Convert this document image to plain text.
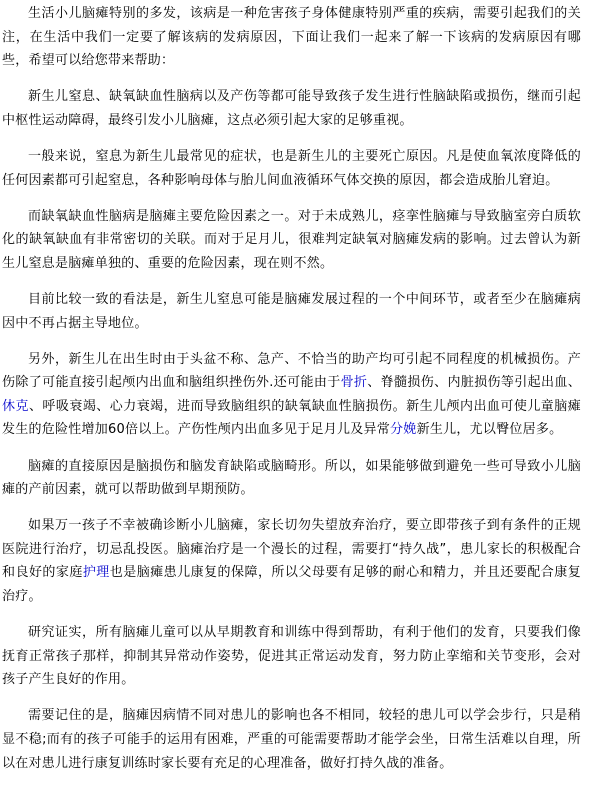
生活小儿脑瘫特别的多发，该病是一种危害孩子身体健康特别严重的疾病，需要引起我们的关注，在生活中我们一定要了解该病的发病原因，下面让我们一起来了解一下该病的发病原因有哪些，希望可以给您带来帮助：

新生儿窒息、缺氧缺血性脑病以及产伤等都可能导致孩子发生进行性脑缺陷或损伤，继而引起中枢性运动障碍，最终引发小儿脑瘫，这点必须引起大家的足够重视。

一般来说，窒息为新生儿最常见的症状，也是新生儿的主要死亡原因。凡是使血氧浓度降低的任何因素都可引起窒息，各种影响母体与胎儿间血液循环气体交换的原因，都会造成胎儿窘迫。

而缺氧缺血性脑病是脑瘫主要危险因素之一。对于未成熟儿，痉挛性脑瘫与导致脑室旁白质软化的缺氧缺血有非常密切的关联。而对于足月儿，很难判定缺氧对脑瘫发病的影响。过去曾认为新生儿窒息是脑瘫单独的、重要的危险因素，现在则不然。

目前比较一致的看法是，新生儿窒息可能是脑瘫发展过程的一个中间环节，或者至少在脑瘫病因中不再占据主导地位。

另外，新生儿在出生时由于头盆不称、急产、不恰当的助产均可引起不同程度的机械损伤。产伤除了可能直接引起颅内出血和脑组织挫伤外.还可能由于骨折、脊髓损伤、内脏损伤等引起出血、休克、呼吸衰竭、心力衰竭，进而导致脑组织的缺氧缺血性脑损伤。新生儿颅内出血可使儿童脑瘫发生的危险性增加60倍以上。产伤性颅内出血多见于足月儿及异常分娩新生儿，尤以臀位居多。

脑瘫的直接原因是脑损伤和脑发育缺陷或脑畸形。所以，如果能够做到避免一些可导致小儿脑瘫的产前因素，就可以帮助做到早期预防。

如果万一孩子不幸被确诊断小儿脑瘫，家长切勿失望放弃治疗，要立即带孩子到有条件的正规医院进行治疗，切忌乱投医。脑瘫治疗是一个漫长的过程，需要打“持久战”，患儿家长的积极配合和良好的家庭护理也是脑瘫患儿康复的保障，所以父母要有足够的耐心和精力，并且还要配合康复治疗。

研究证实，所有脑瘫儿童可以从早期教育和训练中得到帮助，有利于他们的发育，只要我们像抚育正常孩子那样，抑制其异常动作姿势，促进其正常运动发育，努力防止挛缩和关节变形，会对孩子产生良好的作用。

需要记住的是，脑瘫因病情不同对患儿的影响也各不相同，较轻的患儿可以学会步行，只是稍显不稳;而有的孩子可能手的运用有困难，严重的可能需要帮助才能学会坐，日常生活难以自理，所以在对患儿进行康复训练时家长要有充足的心理准备，做好打持久战的准备。
